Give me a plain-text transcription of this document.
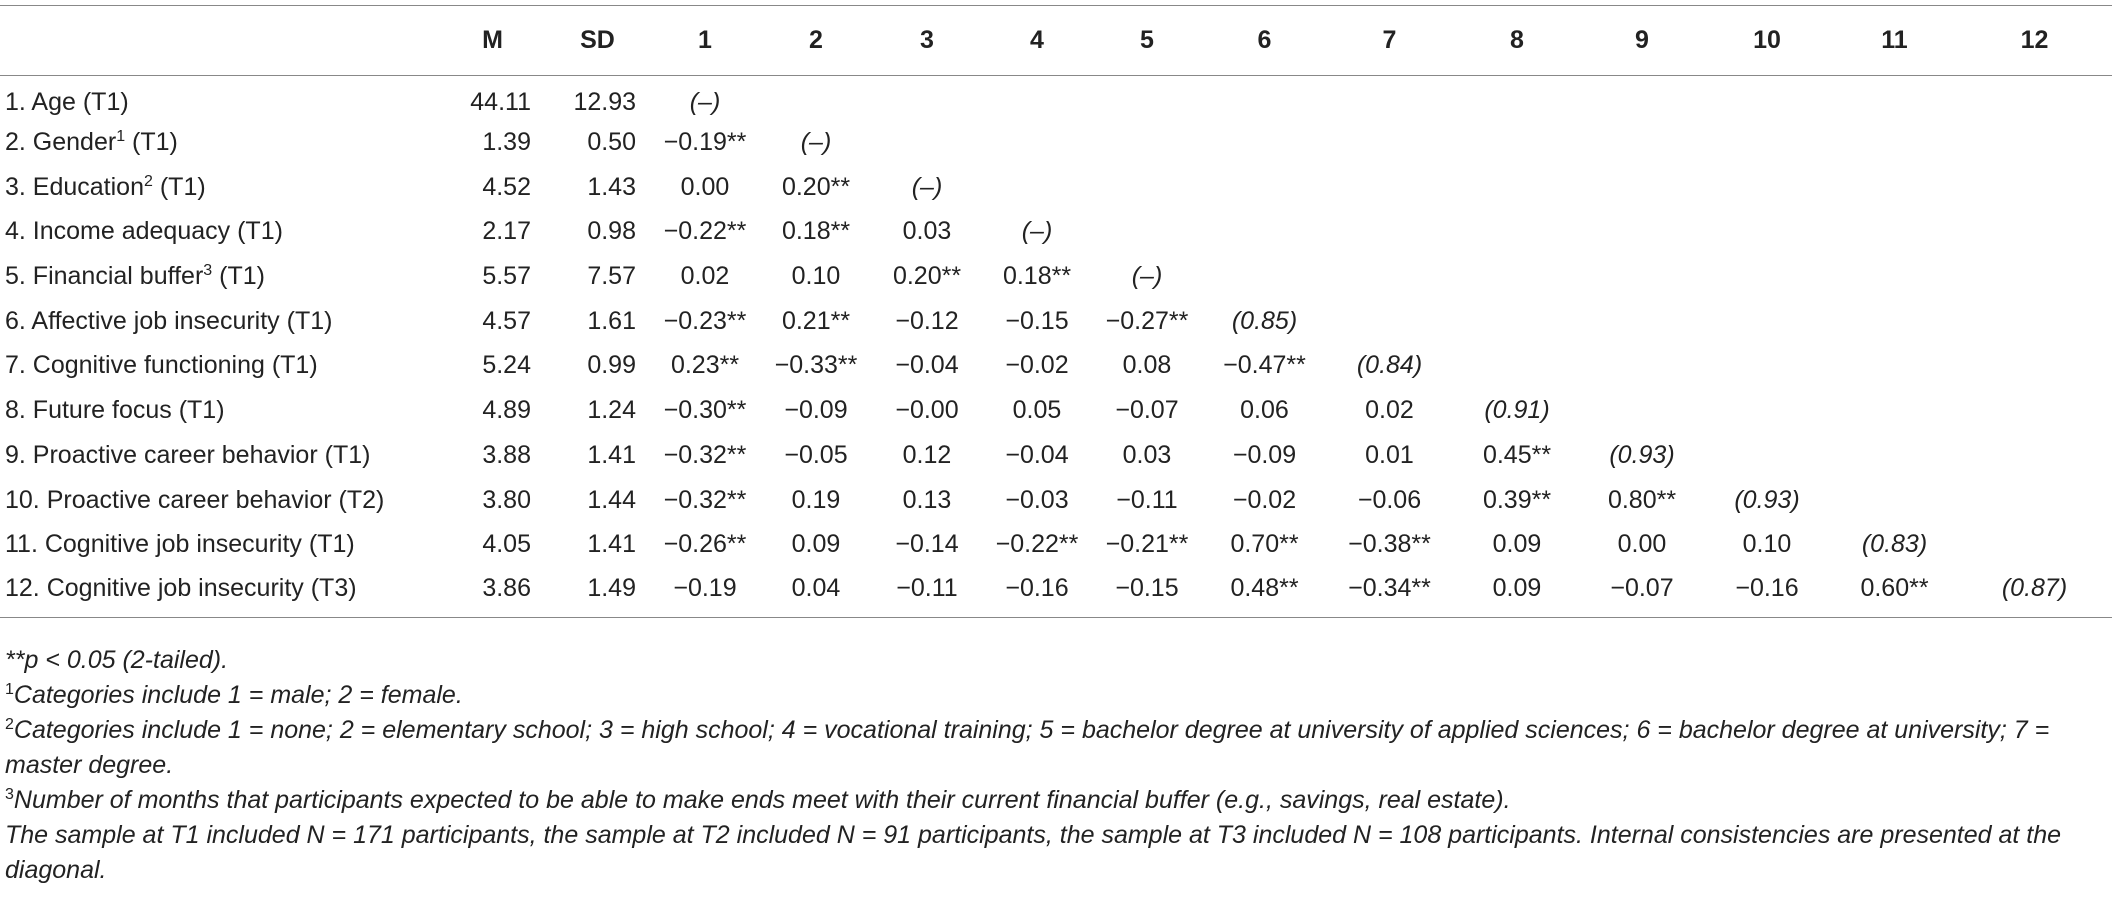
	M	SD	1	2	3	4	5	6	7	8	9	10	11	12
1. Age (T1)	44.11	12.93	(–)											
2. Gender$^1$ (T1)	1.39	0.50	−0.19**	(–)										
3. Education$^2$ (T1)	4.52	1.43	0.00	0.20**	(–)									
4. Income adequacy (T1)	2.17	0.98	−0.22**	0.18**	0.03	(–)								
5. Financial buffer$^3$ (T1)	5.57	7.57	0.02	0.10	0.20**	0.18**	(–)							
6. Affective job insecurity (T1)	4.57	1.61	−0.23**	0.21**	−0.12	−0.15	−0.27**	(0.85)						
7. Cognitive functioning (T1)	5.24	0.99	0.23**	−0.33**	−0.04	−0.02	0.08	−0.47**	(0.84)					
8. Future focus (T1)	4.89	1.24	−0.30**	−0.09	−0.00	0.05	−0.07	0.06	0.02	(0.91)				
9. Proactive career behavior (T1)	3.88	1.41	−0.32**	−0.05	0.12	−0.04	0.03	−0.09	0.01	0.45**	(0.93)			
10. Proactive career behavior (T2)	3.80	1.44	−0.32**	0.19	0.13	−0.03	−0.11	−0.02	−0.06	0.39**	0.80**	(0.93)		
11. Cognitive job insecurity (T1)	4.05	1.41	−0.26**	0.09	−0.14	−0.22**	−0.21**	0.70**	−0.38**	0.09	0.00	0.10	(0.83)	
12. Cognitive job insecurity (T3)	3.86	1.49	−0.19	0.04	−0.11	−0.16	−0.15	0.48**	−0.34**	0.09	−0.07	−0.16	0.60**	(0.87)
**p < 0.05 (2-tailed).
$^1$Categories include 1 = male; 2 = female.
$^2$Categories include 1 = none; 2 = elementary school; 3 = high school; 4 = vocational training; 5 = bachelor degree at university of applied sciences; 6 = bachelor degree at university; 7 = master degree.
$^3$Number of months that participants expected to be able to make ends meet with their current financial buffer (e.g., savings, real estate).
The sample at T1 included N = 171 participants, the sample at T2 included N = 91 participants, the sample at T3 included N = 108 participants. Internal consistencies are presented at the diagonal.
